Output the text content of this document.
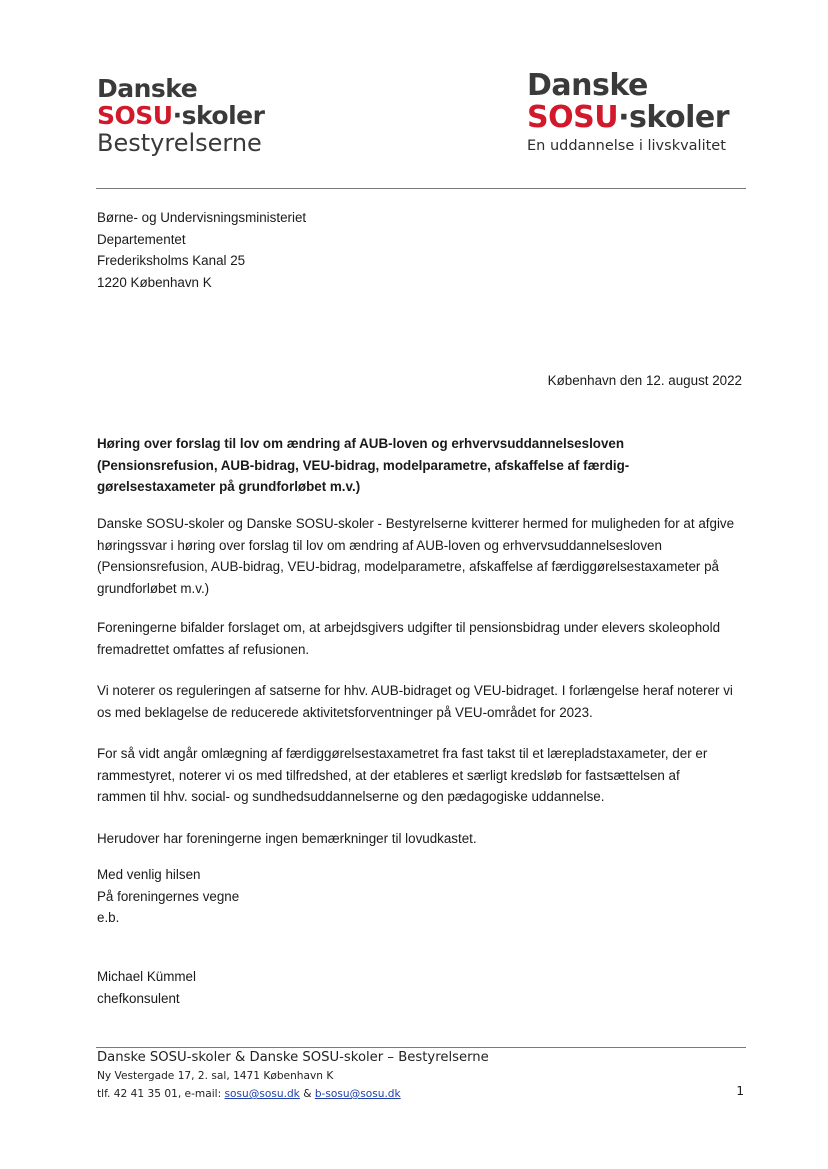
Danske
SOSU·skoler
Bestyrelserne
Danske
SOSU·skoler
En uddannelse i livskvalitet
Børne- og Undervisningsministeriet
Departementet
Frederiksholms Kanal 25
1220 København K
København den 12. august 2022
Høring over forslag til lov om ændring af AUB-loven og erhvervsuddannelsesloven
(Pensionsrefusion, AUB-bidrag, VEU-bidrag, modelparametre, afskaffelse af færdig-
gørelsestaxameter på grundforløbet m.v.)
Danske SOSU-skoler og Danske SOSU-skoler - Bestyrelserne kvitterer hermed for muligheden for at afgive
høringssvar i høring over forslag til lov om ændring af AUB-loven og erhvervsuddannelsesloven
(Pensionsrefusion, AUB-bidrag, VEU-bidrag, modelparametre, afskaffelse af færdiggørelsestaxameter på
grundforløbet m.v.)
Foreningerne bifalder forslaget om, at arbejdsgivers udgifter til pensionsbidrag under elevers skoleophold
fremadrettet omfattes af refusionen.
Vi noterer os reguleringen af satserne for hhv. AUB-bidraget og VEU-bidraget. I forlængelse heraf noterer vi
os med beklagelse de reducerede aktivitetsforventninger på VEU-området for 2023.
For så vidt angår omlægning af færdiggørelsestaxametret fra fast takst til et lærepladstaxameter, der er
rammestyret, noterer vi os med tilfredshed, at der etableres et særligt kredsløb for fastsættelsen af
rammen til hhv. social- og sundhedsuddannelserne og den pædagogiske uddannelse.
Herudover har foreningerne ingen bemærkninger til lovudkastet.
Med venlig hilsen
På foreningernes vegne
e.b.
Michael Kümmel
chefkonsulent
Danske SOSU-skoler & Danske SOSU-skoler – Bestyrelserne
Ny Vestergade 17, 2. sal, 1471 København K
tlf. 42 41 35 01, e-mail: sosu@sosu.dk & b-sosu@sosu.dk	1
